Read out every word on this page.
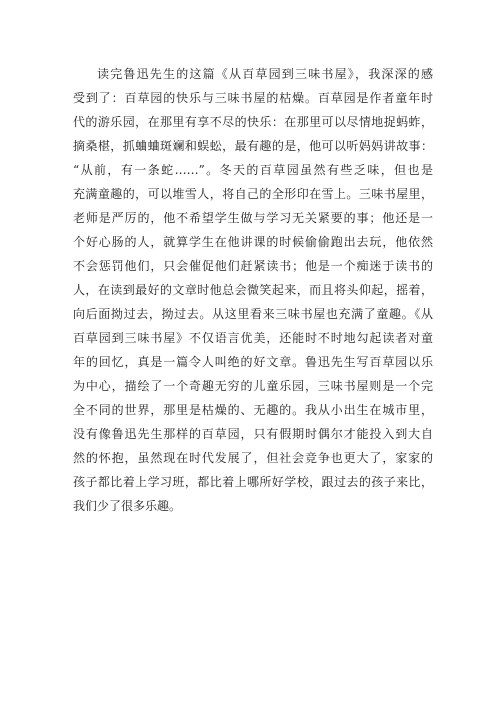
读完鲁迅先生的这篇《从百草园到三味书屋》，我深深的感
受到了：百草园的快乐与三味书屋的枯燥。百草园是作者童年时
代的游乐园，在那里有享不尽的快乐：在那里可以尽情地捉蚂蚱，
摘桑椹，抓蛐蛐斑斓和蜈蚣，最有趣的是，他可以听妈妈讲故事：
“从前，有一条蛇……”。冬天的百草园虽然有些乏味，但也是
充满童趣的，可以堆雪人，将自己的全形印在雪上。三味书屋里，
老师是严厉的，他不希望学生做与学习无关紧要的事；他还是一
个好心肠的人，就算学生在他讲课的时候偷偷跑出去玩，他依然
不会惩罚他们，只会催促他们赶紧读书；他是一个痴迷于读书的
人，在读到最好的文章时他总会微笑起来，而且将头仰起，摇着，
向后面拗过去，拗过去。从这里看来三味书屋也充满了童趣。《从
百草园到三味书屋》不仅语言优美，还能时不时地勾起读者对童
年的回忆，真是一篇令人叫绝的好文章。鲁迅先生写百草园以乐
为中心，描绘了一个奇趣无穷的儿童乐园，三味书屋则是一个完
全不同的世界，那里是枯燥的、无趣的。我从小出生在城市里，
没有像鲁迅先生那样的百草园，只有假期时偶尔才能投入到大自
然的怀抱，虽然现在时代发展了，但社会竞争也更大了，家家的
孩子都比着上学习班，都比着上哪所好学校，跟过去的孩子来比，
我们少了很多乐趣。
